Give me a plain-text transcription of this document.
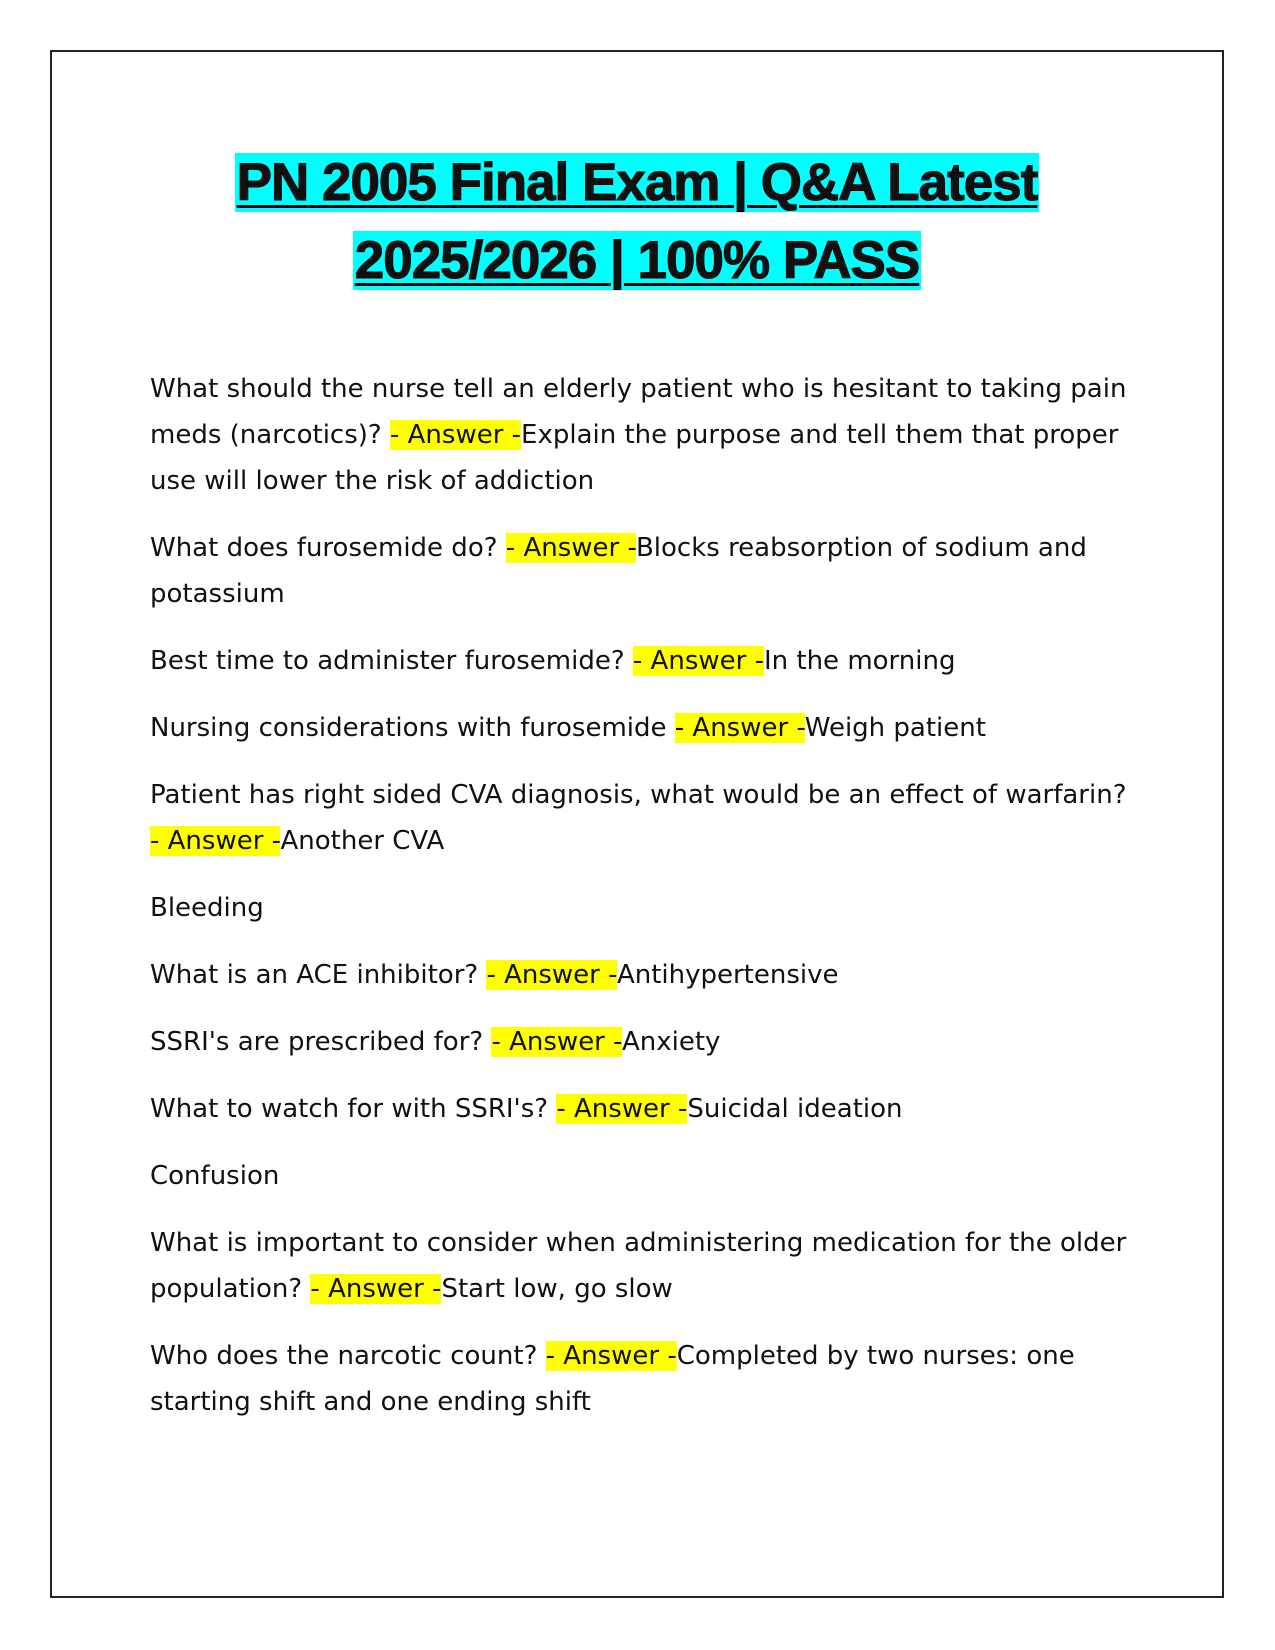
PN 2005 Final Exam | Q&A Latest
2025/2026 | 100% PASS

What should the nurse tell an elderly patient who is hesitant to taking pain meds (narcotics)? - Answer -Explain the purpose and tell them that proper use will lower the risk of addiction

What does furosemide do? - Answer -Blocks reabsorption of sodium and potassium

Best time to administer furosemide? - Answer -In the morning

Nursing considerations with furosemide - Answer -Weigh patient

Patient has right sided CVA diagnosis, what would be an effect of warfarin? - Answer -Another CVA

Bleeding

What is an ACE inhibitor? - Answer -Antihypertensive

SSRI's are prescribed for? - Answer -Anxiety

What to watch for with SSRI's? - Answer -Suicidal ideation

Confusion

What is important to consider when administering medication for the older population? - Answer -Start low, go slow

Who does the narcotic count? - Answer -Completed by two nurses: one starting shift and one ending shift
